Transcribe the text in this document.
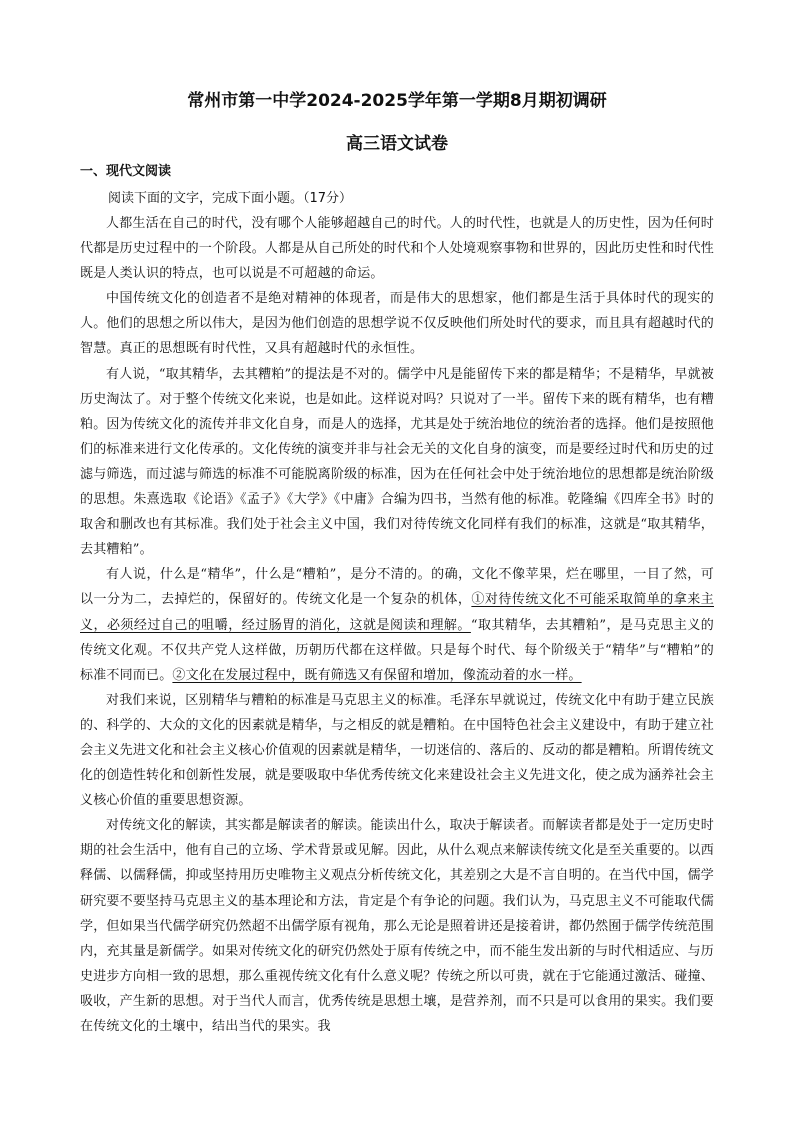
常州市第一中学2024-2025学年第一学期8月期初调研
高三语文试卷
一、现代文阅读
阅读下面的文字，完成下面小题。（17分）

人都生活在自己的时代，没有哪个人能够超越自己的时代。人的时代性，也就是人的历史性，因为任何时代都是历史过程中的一个阶段。人都是从自己所处的时代和个人处境观察事物和世界的，因此历史性和时代性既是人类认识的特点，也可以说是不可超越的命运。

中国传统文化的创造者不是绝对精神的体现者，而是伟大的思想家，他们都是生活于具体时代的现实的人。他们的思想之所以伟大，是因为他们创造的思想学说不仅反映他们所处时代的要求，而且具有超越时代的智慧。真正的思想既有时代性，又具有超越时代的永恒性。

有人说，“取其精华，去其糟粕”的提法是不对的。儒学中凡是能留传下来的都是精华；不是精华，早就被历史淘汰了。对于整个传统文化来说，也是如此。这样说对吗？只说对了一半。留传下来的既有精华，也有糟粕。因为传统文化的流传并非文化自身，而是人的选择，尤其是处于统治地位的统治者的选择。他们是按照他们的标准来进行文化传承的。文化传统的演变并非与社会无关的文化自身的演变，而是要经过时代和历史的过滤与筛选，而过滤与筛选的标准不可能脱离阶级的标准，因为在任何社会中处于统治地位的思想都是统治阶级的思想。朱熹选取《论语》《孟子》《大学》《中庸》合编为四书，当然有他的标准。乾隆编《四库全书》时的取舍和删改也有其标准。我们处于社会主义中国，我们对待传统文化同样有我们的标准，这就是“取其精华，去其糟粕”。

有人说，什么是“精华”，什么是“糟粕”，是分不清的。的确，文化不像苹果，烂在哪里，一目了然，可以一分为二，去掉烂的，保留好的。传统文化是一个复杂的机体，①对待传统文化不可能采取简单的拿来主义，必须经过自己的咀嚼，经过肠胃的消化，这就是阅读和理解。“取其精华，去其糟粕”，是马克思主义的传统文化观。不仅共产党人这样做，历朝历代都在这样做。只是每个时代、每个阶级关于“精华”与“糟粕”的标准不同而已。②文化在发展过程中，既有筛选又有保留和增加，像流动着的水一样。

对我们来说，区别精华与糟粕的标准是马克思主义的标准。毛泽东早就说过，传统文化中有助于建立民族的、科学的、大众的文化的因素就是精华，与之相反的就是糟粕。在中国特色社会主义建设中，有助于建立社会主义先进文化和社会主义核心价值观的因素就是精华，一切迷信的、落后的、反动的都是糟粕。所谓传统文化的创造性转化和创新性发展，就是要吸取中华优秀传统文化来建设社会主义先进文化，使之成为涵养社会主义核心价值的重要思想资源。

对传统文化的解读，其实都是解读者的解读。能读出什么，取决于解读者。而解读者都是处于一定历史时期的社会生活中，他有自己的立场、学术背景或见解。因此，从什么观点来解读传统文化是至关重要的。以西释儒、以儒释儒，抑或坚持用历史唯物主义观点分析传统文化，其差别之大是不言自明的。在当代中国，儒学研究要不要坚持马克思主义的基本理论和方法，肯定是个有争论的问题。我们认为，马克思主义不可能取代儒学，但如果当代儒学研究仍然超不出儒学原有视角，那么无论是照着讲还是接着讲，都仍然囿于儒学传统范围内，充其量是新儒学。如果对传统文化的研究仍然处于原有传统之中，而不能生发出新的与时代相适应、与历史进步方向相一致的思想，那么重视传统文化有什么意义呢？传统之所以可贵，就在于它能通过激活、碰撞、吸收，产生新的思想。对于当代人而言，优秀传统是思想土壤，是营养剂，而不只是可以食用的果实。我们要在传统文化的土壤中，结出当代的果实。我
